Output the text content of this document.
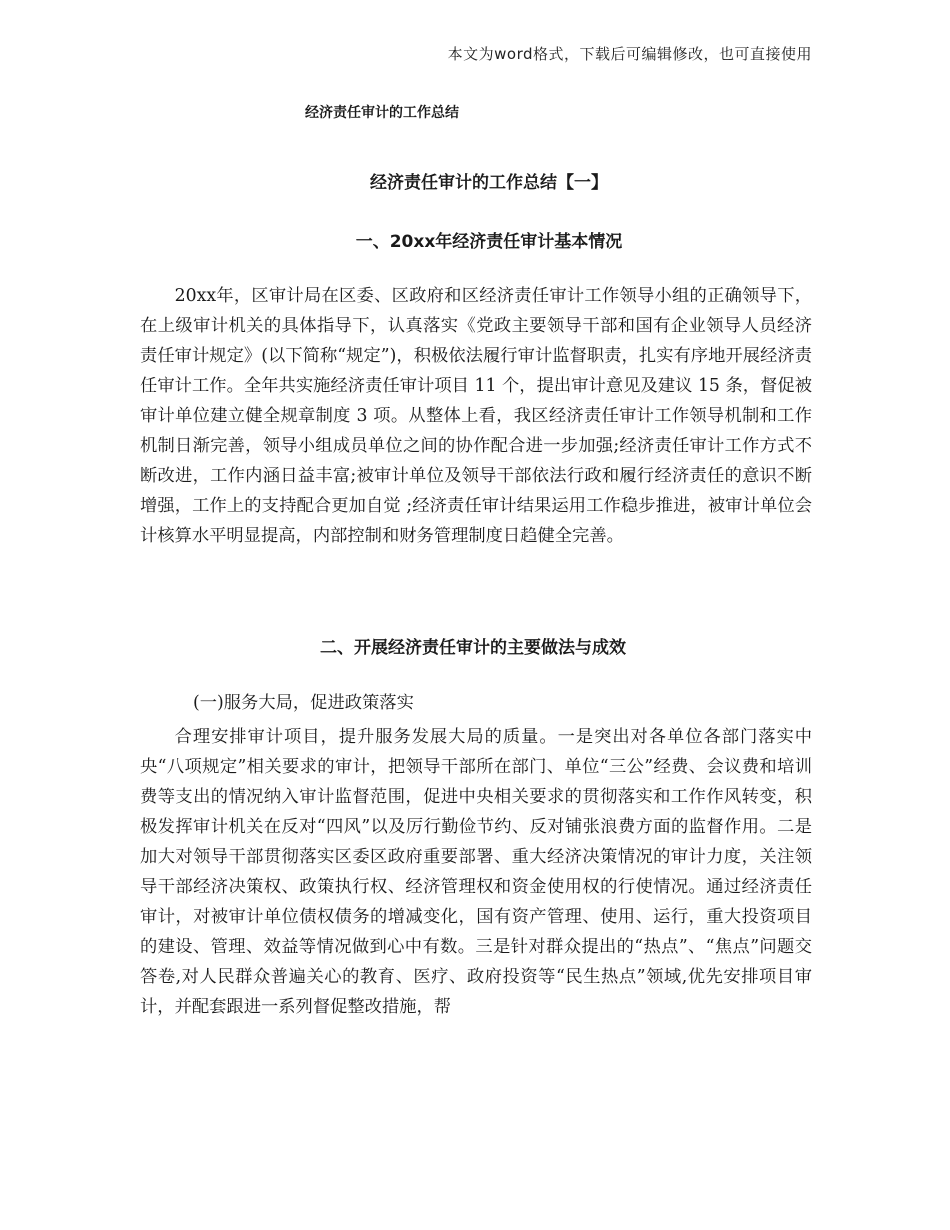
本文为word格式，下载后可编辑修改，也可直接使用
经济责任审计的工作总结
经济责任审计的工作总结【一】
一、20xx年经济责任审计基本情况
20xx年，区审计局在区委、区政府和区经济责任审计工作领导小组的正确领导下，在上级审计机关的具体指导下，认真落实《党政主要领导干部和国有企业领导人员经济责任审计规定》(以下简称“规定”)，积极依法履行审计监督职责，扎实有序地开展经济责任审计工作。全年共实施经济责任审计项目 11 个，提出审计意见及建议 15 条，督促被审计单位建立健全规章制度 3 项。从整体上看，我区经济责任审计工作领导机制和工作机制日渐完善，领导小组成员单位之间的协作配合进一步加强;经济责任审计工作方式不断改进，工作内涵日益丰富;被审计单位及领导干部依法行政和履行经济责任的意识不断增强，工作上的支持配合更加自觉 ;经济责任审计结果运用工作稳步推进，被审计单位会计核算水平明显提高，内部控制和财务管理制度日趋健全完善。
二、开展经济责任审计的主要做法与成效
(一)服务大局，促进政策落实
合理安排审计项目，提升服务发展大局的质量。一是突出对各单位各部门落实中央“八项规定”相关要求的审计，把领导干部所在部门、单位“三公”经费、会议费和培训费等支出的情况纳入审计监督范围，促进中央相关要求的贯彻落实和工作作风转变，积极发挥审计机关在反对“四风”以及厉行勤俭节约、反对铺张浪费方面的监督作用。二是加大对领导干部贯彻落实区委区政府重要部署、重大经济决策情况的审计力度，关注领导干部经济决策权、政策执行权、经济管理权和资金使用权的行使情况。通过经济责任审计，对被审计单位债权债务的增减变化，国有资产管理、使用、运行，重大投资项目的建设、管理、效益等情况做到心中有数。三是针对群众提出的“热点”、“焦点”问题交答卷,对人民群众普遍关心的教育、医疗、政府投资等“民生热点”领域,优先安排项目审计，并配套跟进一系列督促整改措施，帮
